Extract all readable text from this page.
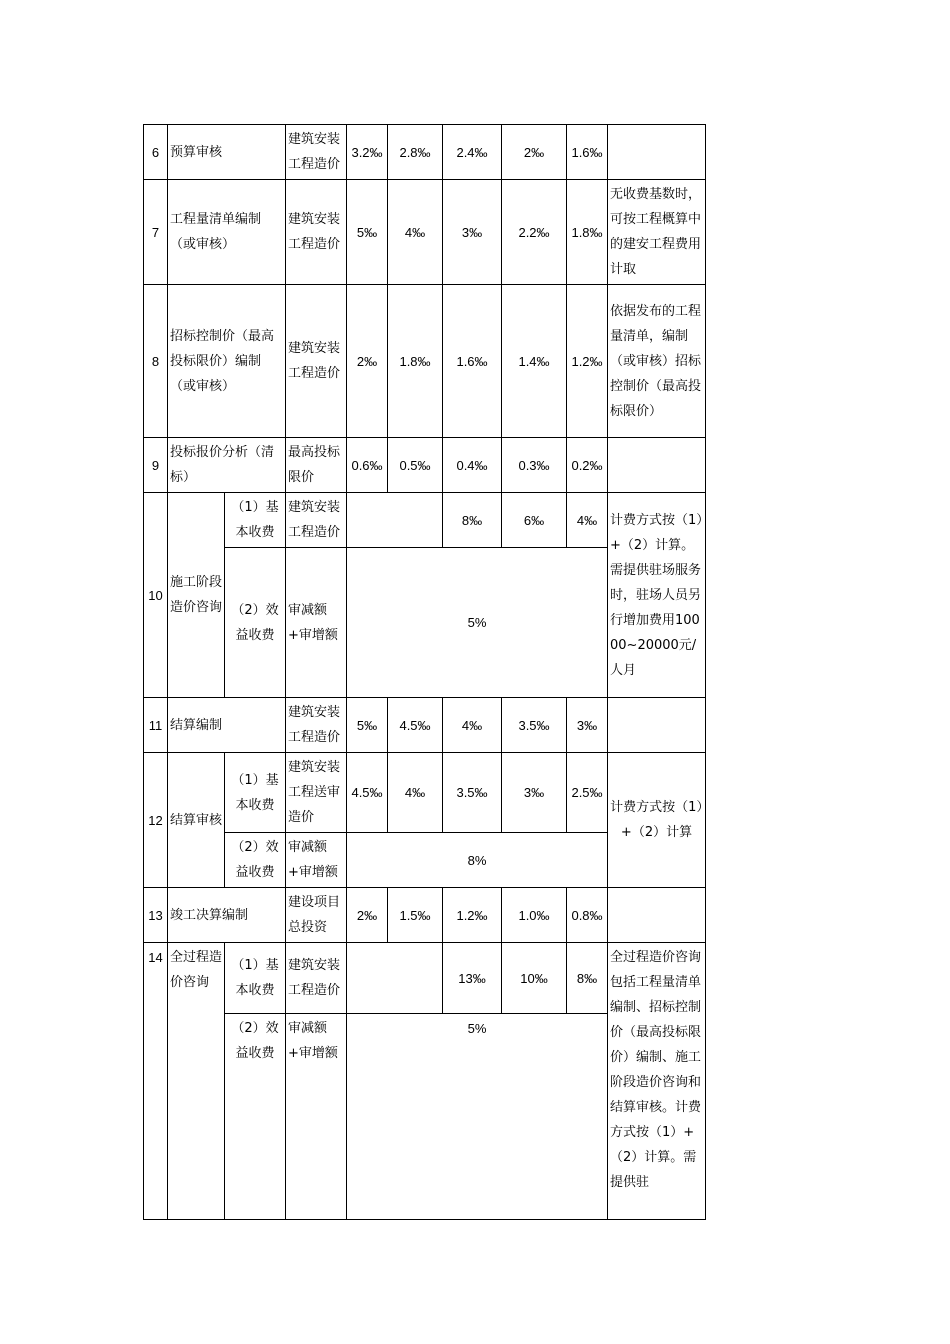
6	预算审核		建筑安装工程造价	3.2‰	2.8‰	2.4‰	2‰	1.6‰	
7	工程量清单编制（或审核）		建筑安装工程造价	5‰	4‰	3‰	2.2‰	1.8‰	无收费基数时，可按工程概算中的建安工程费用计取
8	招标控制价（最高投标限价）编制（或审核）		建筑安装工程造价	2‰	1.8‰	1.6‰	1.4‰	1.2‰	依据发布的工程量清单，编制（或审核）招标控制价（最高投标限价）
9	投标报价分析（清标）		最高投标限价	0.6‰	0.5‰	0.4‰	0.3‰	0.2‰	
10	施工阶段造价咨询	（1）基本收费	建筑安装工程造价			8‰	6‰	4‰	计费方式按（1）+（2）计算。需提供驻场服务时，驻场人员另行增加费用10000~20000元/人月
		（2）效益收费	审减额+审增额	5%					
11	结算编制		建筑安装工程造价	5‰	4.5‰	4‰	3.5‰	3‰	
12	结算审核	（1）基本收费	建筑安装工程送审造价	4.5‰	4‰	3.5‰	3‰	2.5‰	计费方式按（1）+（2）计算
		（2）效益收费	审减额+审增额	8%					
13	竣工决算编制		建设项目总投资	2‰	1.5‰	1.2‰	1.0‰	0.8‰	
14	全过程造价咨询	（1）基本收费	建筑安装工程造价			13‰	10‰	8‰	全过程造价咨询包括工程量清单编制、招标控制价（最高投标限价）编制、施工阶段造价咨询和结算审核。计费方式按（1）+（2）计算。需提供驻
		（2）效益收费	审减额+审增额	5%					
